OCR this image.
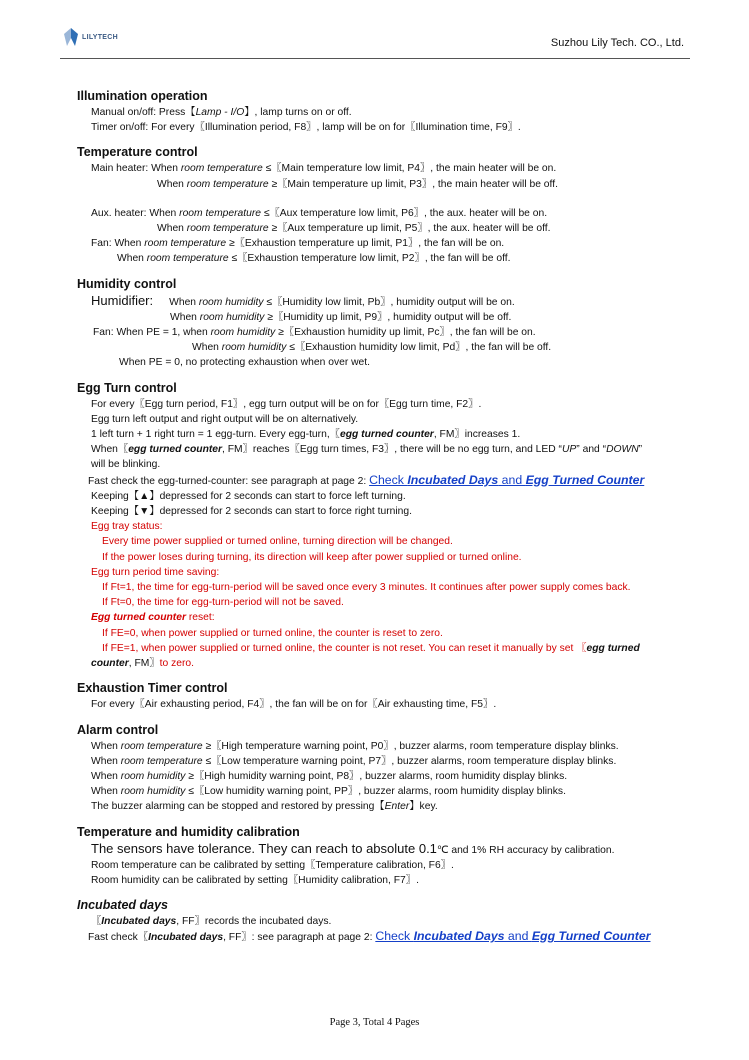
LILYTECH	Suzhou Lily Tech. CO., Ltd.
Illumination operation
Manual on/off: Press【Lamp - I/O】, lamp turns on or off.
Timer on/off: For every〖Illumination period, F8〗, lamp will be on for〖Illumination time, F9〗.
Temperature control
Main heater: When room temperature ≤〖Main temperature low limit, P4〗, the main heater will be on.
When room temperature ≥〖Main temperature up limit, P3〗, the main heater will be off.
Aux. heater: When room temperature ≤〖Aux temperature low limit, P6〗, the aux. heater will be on.
When room temperature ≥〖Aux temperature up limit, P5〗, the aux. heater will be off.
Fan: When room temperature ≥〖Exhaustion temperature up limit, P1〗, the fan will be on.
When room temperature ≤〖Exhaustion temperature low limit, P2〗, the fan will be off.
Humidity control
Humidifier: When room humidity ≤〖Humidity low limit, Pb〗, humidity output will be on.
When room humidity ≥〖Humidity up limit, P9〗, humidity output will be off.
Fan: When PE = 1, when room humidity ≥〖Exhaustion humidity up limit, Pc〗, the fan will be on.
When room humidity ≤〖Exhaustion humidity low limit, Pd〗, the fan will be off.
When PE = 0, no protecting exhaustion when over wet.
Egg Turn control
For every〖Egg turn period, F1〗, egg turn output will be on for〖Egg turn time, F2〗.
Egg turn left output and right output will be on alternatively.
1 left turn + 1 right turn = 1 egg-turn. Every egg-turn,〖egg turned counter, FM〗increases 1.
When〖egg turned counter, FM〗reaches〖Egg turn times, F3〗, there will be no egg turn, and LED “UP” and “DOWN”
will be blinking.
Fast check the egg-turned-counter: see paragraph at page 2: Check Incubated Days and Egg Turned Counter
Keeping【▲】depressed for 2 seconds can start to force left turning.
Keeping【▼】depressed for 2 seconds can start to force right turning.
Egg tray status:
Every time power supplied or turned online, turning direction will be changed.
If the power loses during turning, its direction will keep after power supplied or turned online.
Egg turn period time saving:
If Ft=1, the time for egg-turn-period will be saved once every 3 minutes. It continues after power supply comes back.
If Ft=0, the time for egg-turn-period will not be saved.
Egg turned counter reset:
If FE=0, when power supplied or turned online, the counter is reset to zero.
If FE=1, when power supplied or turned online, the counter is not reset. You can reset it manually by set 〖egg turned
counter, FM〗to zero.
Exhaustion Timer control
For every〖Air exhausting period, F4〗, the fan will be on for〖Air exhausting time, F5〗.
Alarm control
When room temperature ≥〖High temperature warning point, P0〗, buzzer alarms, room temperature display blinks.
When room temperature ≤〖Low temperature warning point, P7〗, buzzer alarms, room temperature display blinks.
When room humidity ≥〖High humidity warning point, P8〗, buzzer alarms, room humidity display blinks.
When room humidity ≤〖Low humidity warning point, PP〗, buzzer alarms, room humidity display blinks.
The buzzer alarming can be stopped and restored by pressing【Enter】key.
Temperature and humidity calibration
The sensors have tolerance. They can reach to absolute 0.1℃ and 1% RH accuracy by calibration.
Room temperature can be calibrated by setting〖Temperature calibration, F6〗.
Room humidity can be calibrated by setting〖Humidity calibration, F7〗.
Incubated days
〖Incubated days, FF〗records the incubated days.
Fast check〖Incubated days, FF〗: see paragraph at page 2: Check Incubated Days and Egg Turned Counter
Page 3, Total 4 Pages
